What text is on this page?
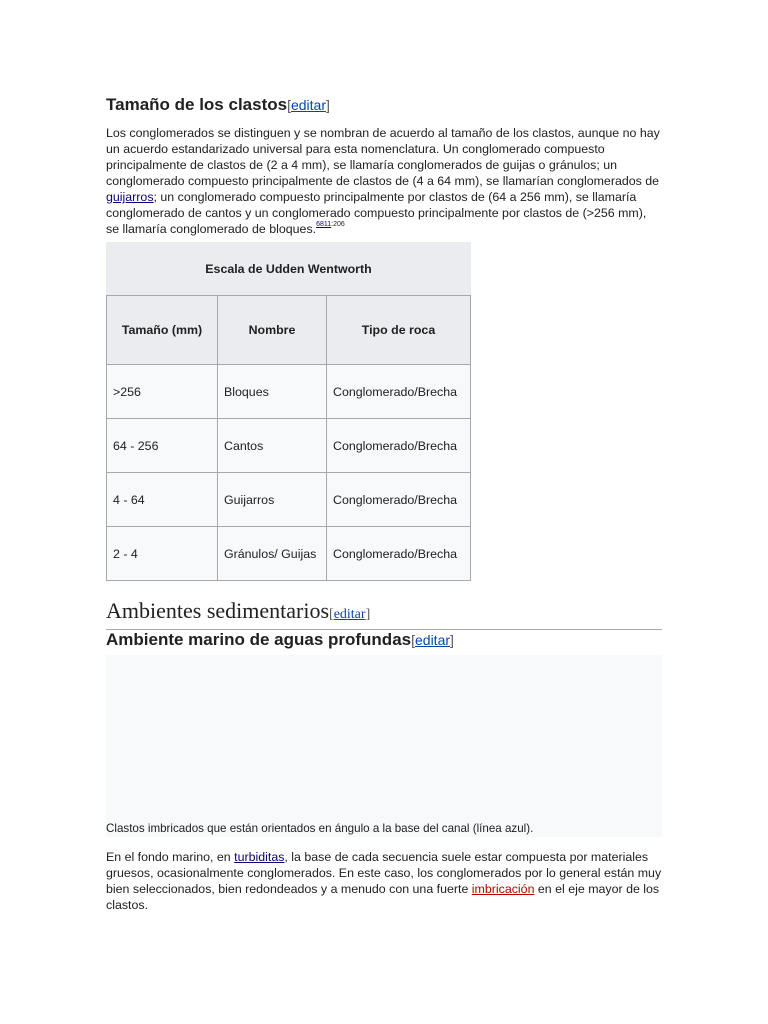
Tamaño de los clastos[editar]

Los conglomerados se distinguen y se nombran de acuerdo al tamaño de los clastos, aunque no hay un acuerdo estandarizado universal para esta nomenclatura. Un conglomerado compuesto principalmente de clastos de (2 a 4 mm), se llamaría conglomerados de guijas o gránulos; un conglomerado compuesto principalmente de clastos de (4 a 64 mm), se llamarían conglomerados de guijarros; un conglomerado compuesto principalmente por clastos de (64 a 256 mm), se llamaría conglomerado de cantos y un conglomerado compuesto principalmente por clastos de (>256 mm), se llamaría conglomerado de bloques.$^{6811:206}$

Escala de Udden Wentworth		
Tamaño (mm)	Nombre	Tipo de roca
>256	Bloques	Conglomerado/Brecha
64 - 256	Cantos	Conglomerado/Brecha
4 - 64	Guijarros	Conglomerado/Brecha
2 - 4	Gránulos/ Guijas	Conglomerado/Brecha
Ambientes sedimentarios[editar]
Ambiente marino de aguas profundas[editar]
Clastos imbricados que están orientados en ángulo a la base del canal (línea azul).

En el fondo marino, en turbiditas, la base de cada secuencia suele estar compuesta por materiales gruesos, ocasionalmente conglomerados. En este caso, los conglomerados por lo general están muy bien seleccionados, bien redondeados y a menudo con una fuerte imbricación en el eje mayor de los clastos.
